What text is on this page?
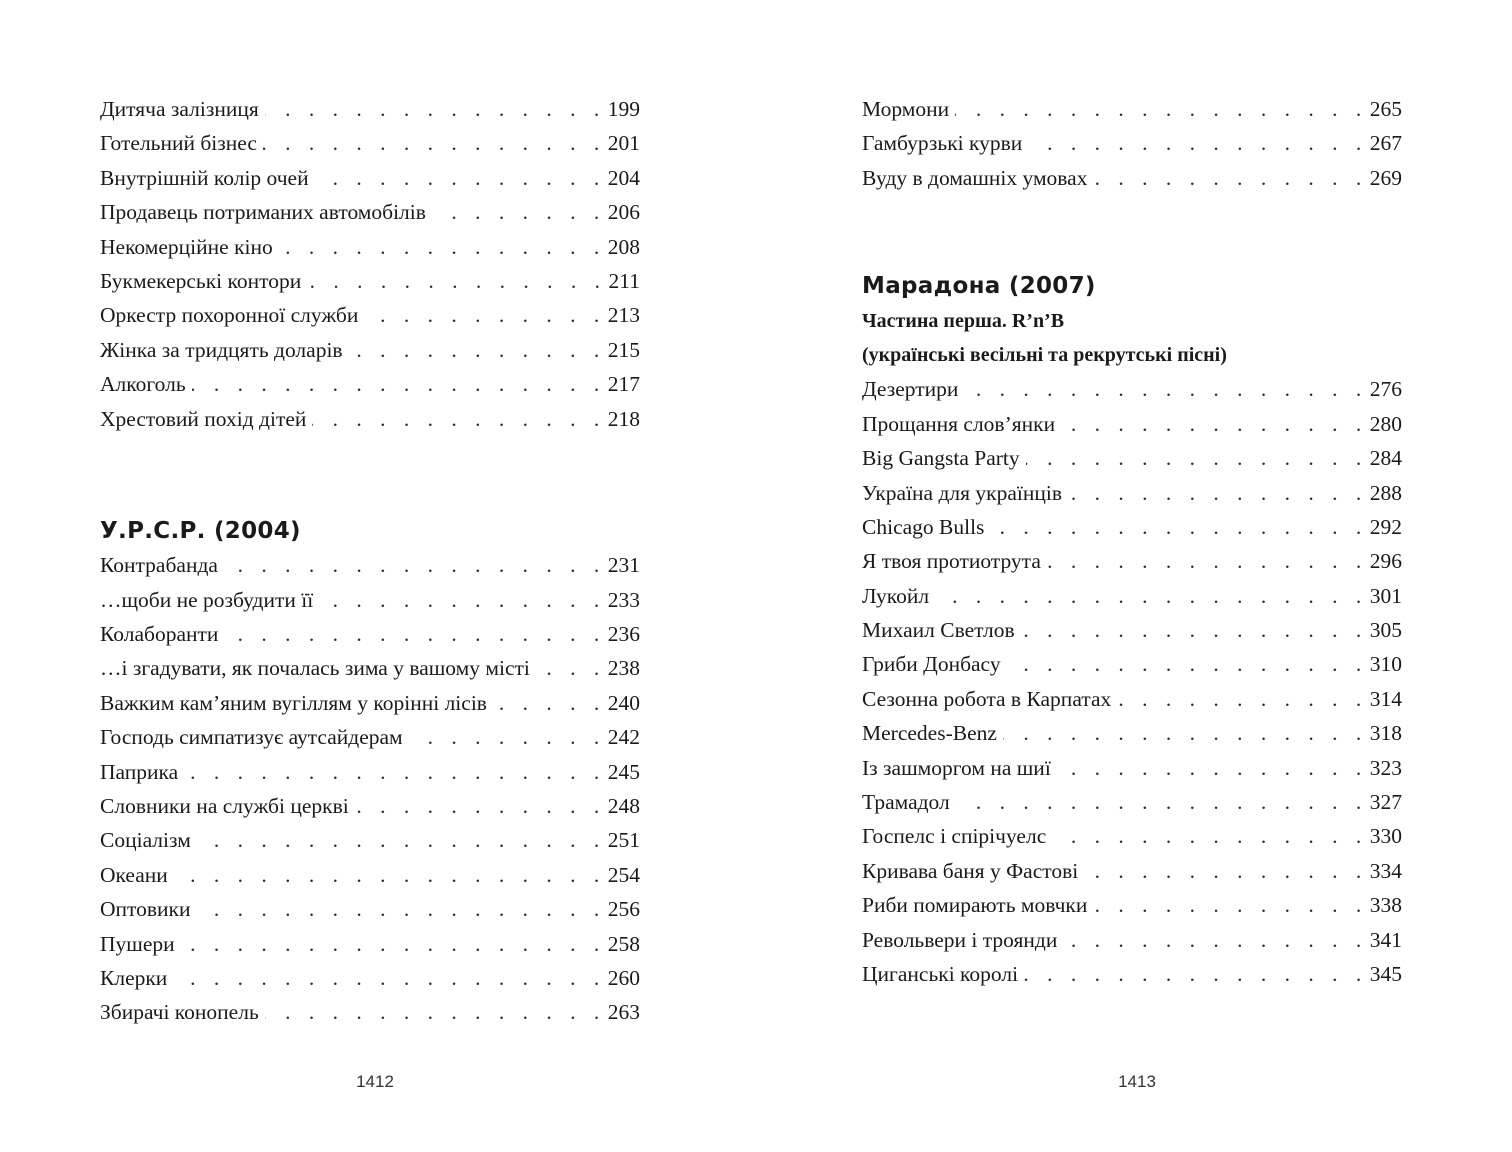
Дитяча залізниця . . .	199
Готельний бізнес . . .	201
Внутрішній колір очей . . .	204
Продавець потриманих автомобілів . . .	206
Некомерційне кіно . . .	208
Букмекерські контори . . .	211
Оркестр похоронної служби . . .	213
Жінка за тридцять доларів . . .	215
Алкоголь . . .	217
Хрестовий похід дітей . . .	218
У.Р.С.Р. (2004)
Контрабанда . . .	231
…щоби не розбудити її . . .	233
Колаборанти . . .	236
…і згадувати, як почалась зима у вашому місті . . .	238
Важким кам’яним вугіллям у корінні лісів . . .	240
Господь симпатизує аутсайдерам . . .	242
Паприка . . .	245
Словники на службі церкві . . .	248
Соціалізм . . .	251
Океани . . .	254
Оптовики . . .	256
Пушери . . .	258
Клерки . . .	260
Збирачі конопель . . .	263
Мормони . . .	265
Гамбурзькі курви . . .	267
Вуду в домашніх умовах . . .	269
Марадона (2007)
Частина перша. R’n’B
(українські весільні та рекрутські пісні)
Дезертири . . .	276
Прощання слов’янки . . .	280
Big Gangsta Party . . .	284
Україна для українців . . .	288
Chicago Bulls . . .	292
Я твоя протиотрута . . .	296
Лукойл . . .	301
Михаил Светлов . . .	305
Гриби Донбасу . . .	310
Сезонна робота в Карпатах . . .	314
Mercedes-Benz . . .	318
Із зашморгом на шиї . . .	323
Трамадол . . .	327
Госпелс і спірічуелс . . .	330
Кривава баня у Фастові . . .	334
Риби помирають мовчки . . .	338
Револьвери і троянди . . .	341
Циганські королі . . .	345
1412	1413
